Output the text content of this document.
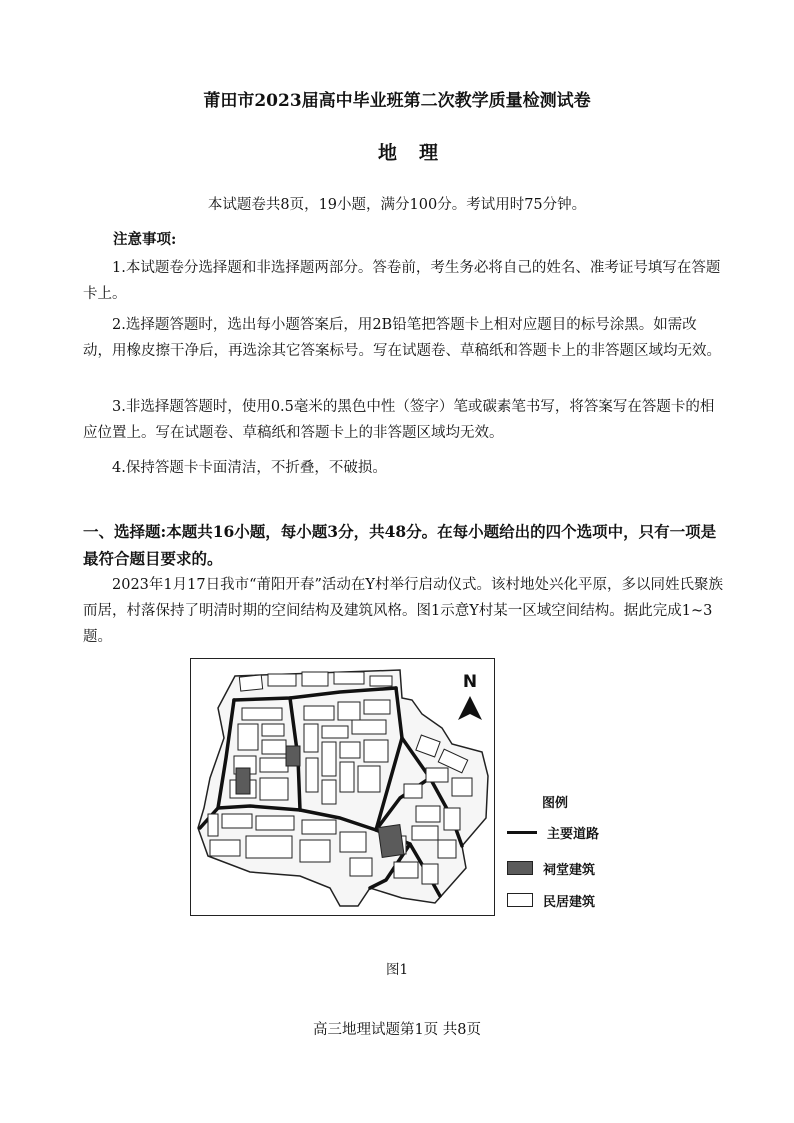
莆田市2023届高中毕业班第二次教学质量检测试卷
地理
本试题卷共8页，19小题，满分100分。考试用时75分钟。
注意事项:
1.本试题卷分选择题和非选择题两部分。答卷前，考生务必将自己的姓名、准考证号填写在答题卡上。
2.选择题答题时，选出每小题答案后，用2B铅笔把答题卡上相对应题目的标号涂黑。如需改动，用橡皮擦干净后，再选涂其它答案标号。写在试题卷、草稿纸和答题卡上的非答题区域均无效。
3.非选择题答题时，使用0.5毫米的黑色中性（签字）笔或碳素笔书写，将答案写在答题卡的相应位置上。写在试题卷、草稿纸和答题卡上的非答题区域均无效。
4.保持答题卡卡面清洁，不折叠，不破损。
一、选择题:本题共16小题，每小题3分，共48分。在每小题给出的四个选项中，只有一项是最符合题目要求的。
2023年1月17日我市“莆阳开春”活动在Y村举行启动仪式。该村地处兴化平原，多以同姓氏聚族而居，村落保持了明清时期的空间结构及建筑风格。图1示意Y村某一区域空间结构。据此完成1~3题。
N
图例
主要道路
祠堂建筑
民居建筑
图1
高三地理试题第1页 共8页
